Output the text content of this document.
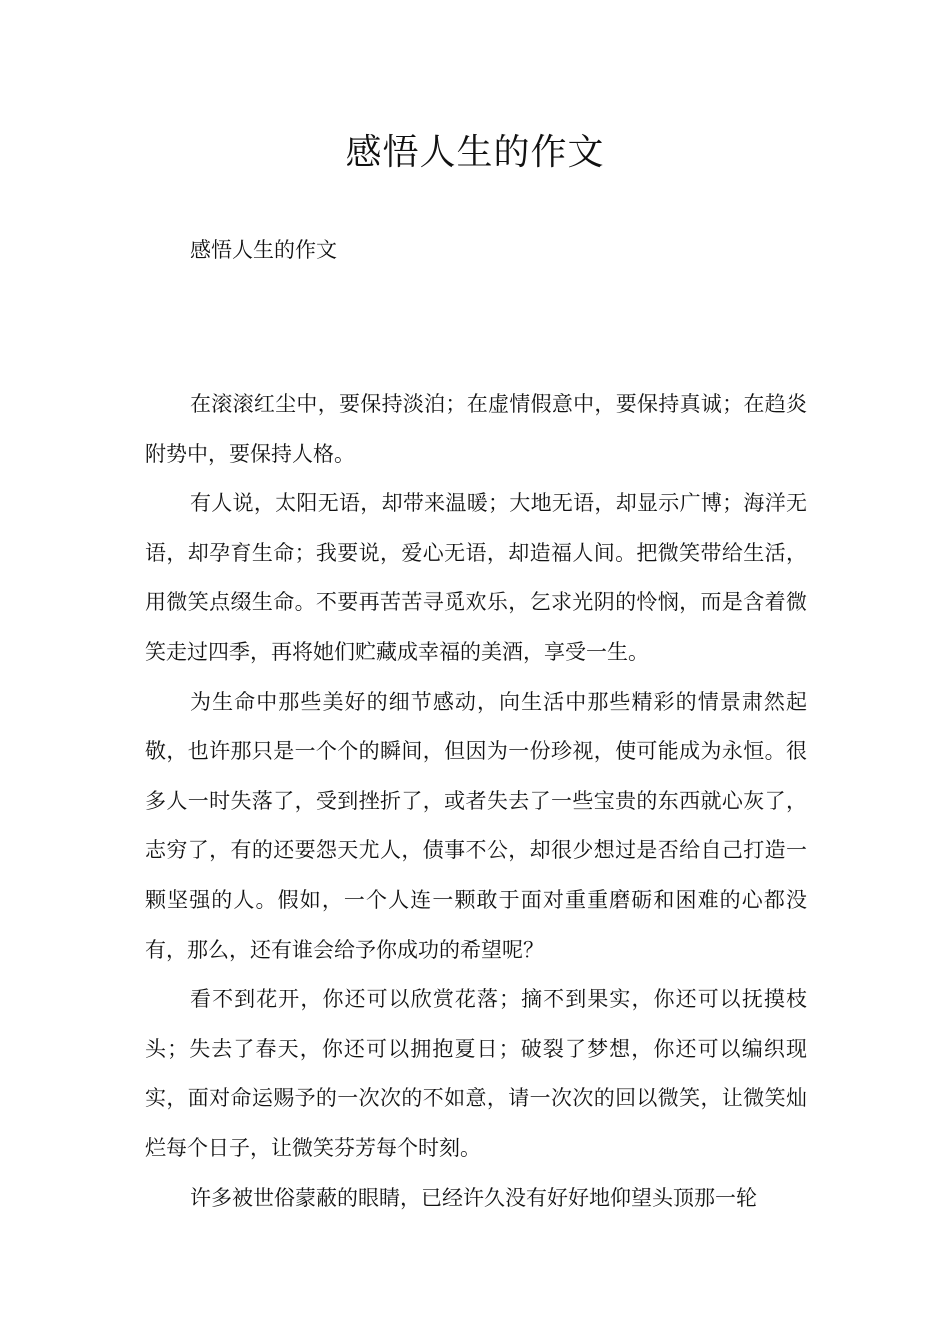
感悟人生的作文

感悟人生的作文

在滚滚红尘中，要保持淡泊；在虚情假意中，要保持真诚；在趋炎附势中，要保持人格。

有人说，太阳无语，却带来温暖；大地无语，却显示广博；海洋无语，却孕育生命；我要说，爱心无语，却造福人间。把微笑带给生活，用微笑点缀生命。不要再苦苦寻觅欢乐，乞求光阴的怜悯，而是含着微笑走过四季，再将她们贮藏成幸福的美酒，享受一生。

为生命中那些美好的细节感动，向生活中那些精彩的情景肃然起敬，也许那只是一个个的瞬间，但因为一份珍视，使可能成为永恒。很多人一时失落了，受到挫折了，或者失去了一些宝贵的东西就心灰了，志穷了，有的还要怨天尤人，债事不公，却很少想过是否给自己打造一颗坚强的人。假如，一个人连一颗敢于面对重重磨砺和困难的心都没有，那么，还有谁会给予你成功的希望呢？

看不到花开，你还可以欣赏花落；摘不到果实，你还可以抚摸枝头；失去了春天，你还可以拥抱夏日；破裂了梦想，你还可以编织现实，面对命运赐予的一次次的不如意，请一次次的回以微笑，让微笑灿烂每个日子，让微笑芬芳每个时刻。

许多被世俗蒙蔽的眼睛，已经许久没有好好地仰望头顶那一轮
